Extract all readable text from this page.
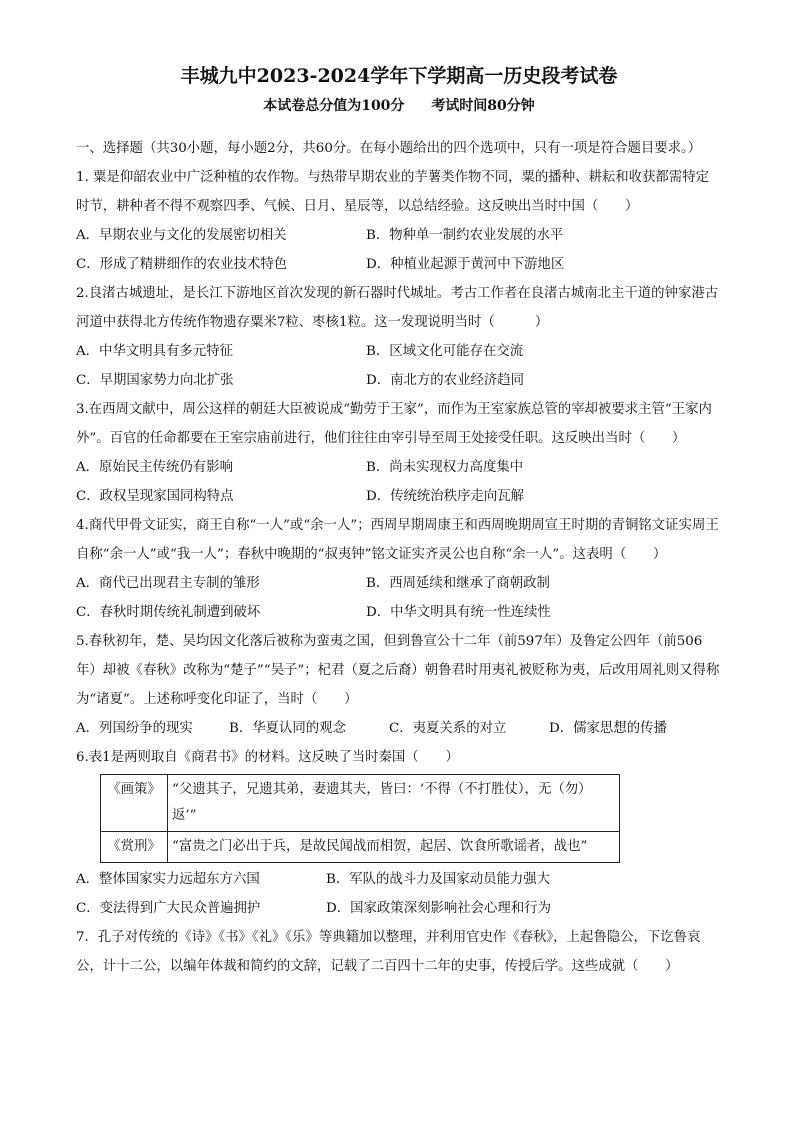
丰城九中2023-2024学年下学期高一历史段考试卷
本试卷总分值为100分 考试时间80分钟
一、选择题（共30小题，每小题2分，共60分。在每小题给出的四个选项中，只有一项是符合题目要求。）
1. 粟是仰韶农业中广泛种植的农作物。与热带早期农业的芋薯类作物不同，粟的播种、耕耘和收获都需特定时节，耕种者不得不观察四季、气候、日月、星辰等，以总结经验。这反映出当时中国（　　）
A．早期农业与文化的发展密切相关	B．物种单一制约农业发展的水平
C．形成了精耕细作的农业技术特色	D．种植业起源于黄河中下游地区
2.良渚古城遗址，是长江下游地区首次发现的新石器时代城址。考古工作者在良渚古城南北主干道的钟家港古河道中获得北方传统作物遗存粟米7粒、枣核1粒。这一发现说明当时（　　　）
A．中华文明具有多元特征	B．区域文化可能存在交流
C．早期国家势力向北扩张	D．南北方的农业经济趋同
3.在西周文献中，周公这样的朝廷大臣被说成“勤劳于王家”，而作为王室家族总管的宰却被要求主管“王家内外”。百官的任命都要在王室宗庙前进行，他们往往由宰引导至周王处接受任职。这反映出当时（　　）
A．原始民主传统仍有影响	B．尚未实现权力高度集中
C．政权呈现家国同构特点	D．传统统治秩序走向瓦解
4.商代甲骨文证实，商王自称“一人”或“余一人”；西周早期周康王和西周晚期周宣王时期的青铜铭文证实周王自称“余一人”或“我一人”；春秋中晚期的“叔夷钟”铭文证实齐灵公也自称“余一人”。这表明（　　）
A．商代已出现君主专制的雏形	B．西周延续和继承了商朝政制
C．春秋时期传统礼制遭到破坏	D．中华文明具有统一性连续性
5.春秋初年，楚、吴均因文化落后被称为蛮夷之国，但到鲁宣公十二年（前597年）及鲁定公四年（前506年）却被《春秋》改称为“楚子”“吴子”；杞君（夏之后裔）朝鲁君时用夷礼被贬称为夷，后改用周礼则又得称为“诸夏”。上述称呼变化印证了，当时（　　）
A．列国纷争的现实	B．华夏认同的观念	C．夷夏关系的对立	D．儒家思想的传播
6.表1是两则取自《商君书》的材料。这反映了当时秦国（　　）
《画策》	“父遗其子，兄遗其弟，妻遗其夫，皆曰：‘不得（不打胜仗），无（勿）返’”
《赏刑》	“富贵之门必出于兵，是故民闻战而相贺，起居、饮食所歌谣者，战也”
A．整体国家实力远超东方六国	B．军队的战斗力及国家动员能力强大
C．变法得到广大民众普遍拥护	D．国家政策深刻影响社会心理和行为
7．孔子对传统的《诗》《书》《礼》《乐》等典籍加以整理，并利用官史作《春秋》，上起鲁隐公，下讫鲁哀公，计十二公，以编年体裁和简约的文辞，记载了二百四十二年的史事，传授后学。这些成就（　　）
